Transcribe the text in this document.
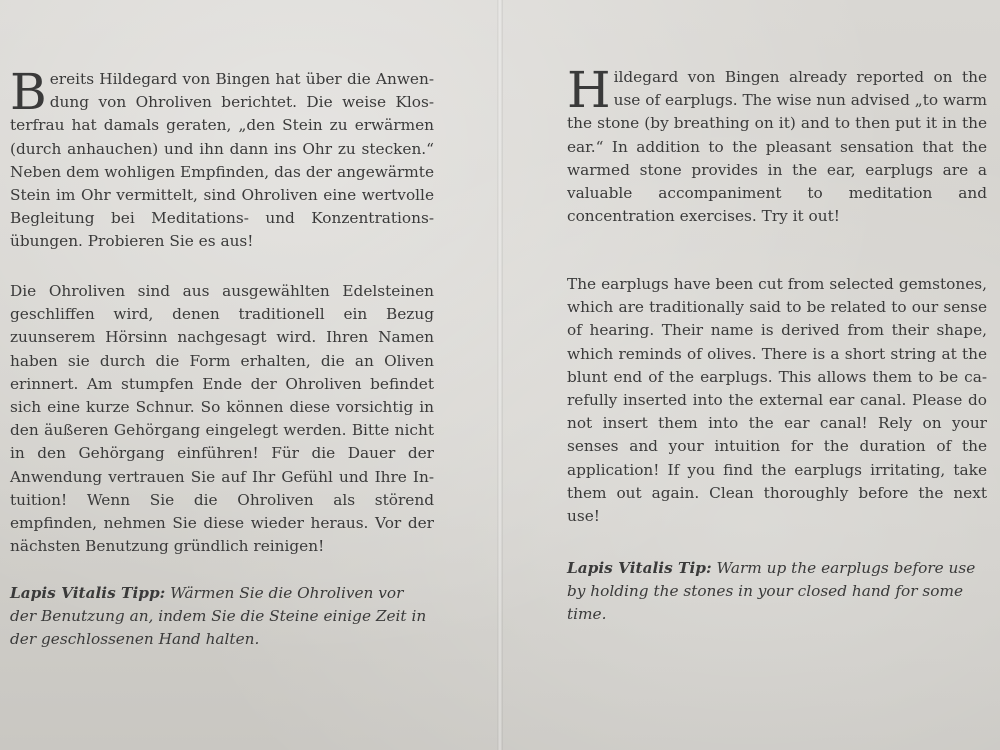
Bereits Hildegard von Bingen hat über die Anwendung von Ohroliven berichtet. Die weise Klosterfrau hat damals geraten, „den Stein zu erwärmen (durch anhauchen) und ihn dann ins Ohr zu stecken.“ Neben dem wohligen Empfinden, das der angewärmte Stein im Ohr vermittelt, sind Ohroliven eine wertvolle Begleitung bei Meditations- und Konzentrationsübungen. Probieren Sie es aus!

Die Ohroliven sind aus ausgewählten Edelsteinen geschliffen wird, denen traditionell ein Bezug zuunserem Hörsinn nachgesagt wird. Ihren Namen haben sie durch die Form erhalten, die an Oliven erinnert. Am stumpfen Ende der Ohroliven befindet sich eine kurze Schnur. So können diese vorsichtig in den äußeren Gehörgang eingelegt werden. Bitte nicht in den Gehörgang einführen! Für die Dauer der Anwendung vertrauen Sie auf Ihr Gefühl und Ihre Intuition! Wenn Sie die Ohroliven als störend empfinden, nehmen Sie diese wieder heraus. Vor der nächsten Benutzung gründlich reinigen!

Lapis Vitalis Tipp: Wärmen Sie die Ohroliven vor der Benutzung an, indem Sie die Steine einige Zeit in der geschlossenen Hand halten.

Hildegard von Bingen already reported on the use of earplugs. The wise nun advised „to warm the stone (by breathing on it) and to then put it in the ear.“ In addition to the pleasant sensation that the warmed stone provides in the ear, earplugs are a valuable accompaniment to meditation and concentration exercises. Try it out!

The earplugs have been cut from selected gemstones, which are traditionally said to be related to our sense of hearing. Their name is derived from their shape, which reminds of olives. There is a short string at the blunt end of the earplugs. This allows them to be carefully inserted into the external ear canal. Please do not insert them into the ear canal! Rely on your senses and your intuition for the duration of the application! If you find the earplugs irritating, take them out again. Clean thoroughly before the next use!

Lapis Vitalis Tip: Warm up the earplugs before use by holding the stones in your closed hand for some time.
